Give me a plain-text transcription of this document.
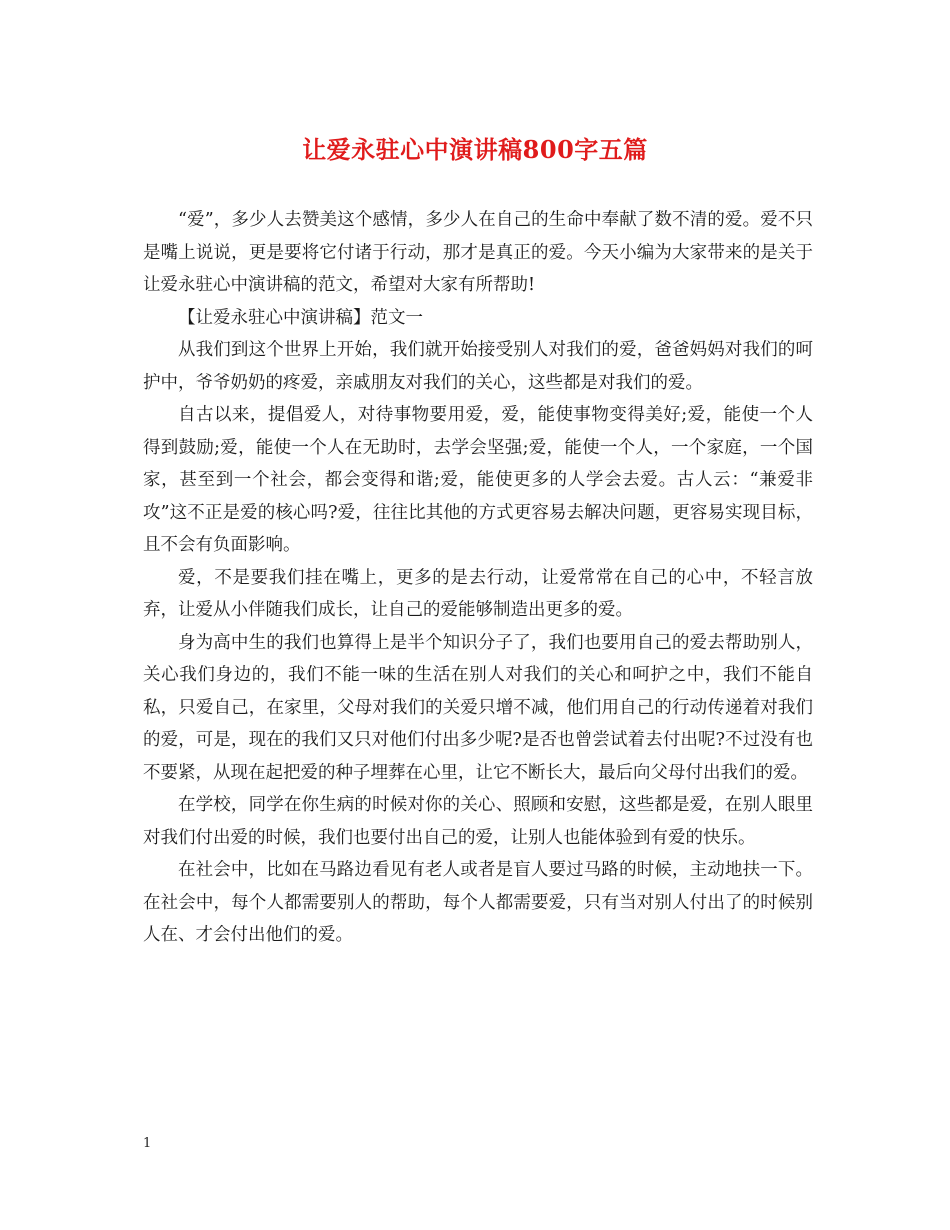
让爱永驻心中演讲稿800字五篇

“爱”，多少人去赞美这个感情，多少人在自己的生命中奉献了数不清的爱。爱不只是嘴上说说，更是要将它付诸于行动，那才是真正的爱。今天小编为大家带来的是关于让爱永驻心中演讲稿的范文，希望对大家有所帮助!

【让爱永驻心中演讲稿】范文一

从我们到这个世界上开始，我们就开始接受别人对我们的爱，爸爸妈妈对我们的呵护中，爷爷奶奶的疼爱，亲戚朋友对我们的关心，这些都是对我们的爱。

自古以来，提倡爱人，对待事物要用爱，爱，能使事物变得美好;爱，能使一个人得到鼓励;爱，能使一个人在无助时，去学会坚强;爱，能使一个人，一个家庭，一个国家，甚至到一个社会，都会变得和谐;爱，能使更多的人学会去爱。古人云：“兼爱非攻”这不正是爱的核心吗?爱，往往比其他的方式更容易去解决问题，更容易实现目标，且不会有负面影响。

爱，不是要我们挂在嘴上，更多的是去行动，让爱常常在自己的心中，不轻言放弃，让爱从小伴随我们成长，让自己的爱能够制造出更多的爱。

身为高中生的我们也算得上是半个知识分子了，我们也要用自己的爱去帮助别人，关心我们身边的，我们不能一味的生活在别人对我们的关心和呵护之中，我们不能自私，只爱自己，在家里，父母对我们的关爱只增不减，他们用自己的行动传递着对我们的爱，可是，现在的我们又只对他们付出多少呢?是否也曾尝试着去付出呢?不过没有也不要紧，从现在起把爱的种子埋葬在心里，让它不断长大，最后向父母付出我们的爱。

在学校，同学在你生病的时候对你的关心、照顾和安慰，这些都是爱，在别人眼里对我们付出爱的时候，我们也要付出自己的爱，让别人也能体验到有爱的快乐。

在社会中，比如在马路边看见有老人或者是盲人要过马路的时候，主动地扶一下。在社会中，每个人都需要别人的帮助，每个人都需要爱，只有当对别人付出了的时候别人在、才会付出他们的爱。

1
